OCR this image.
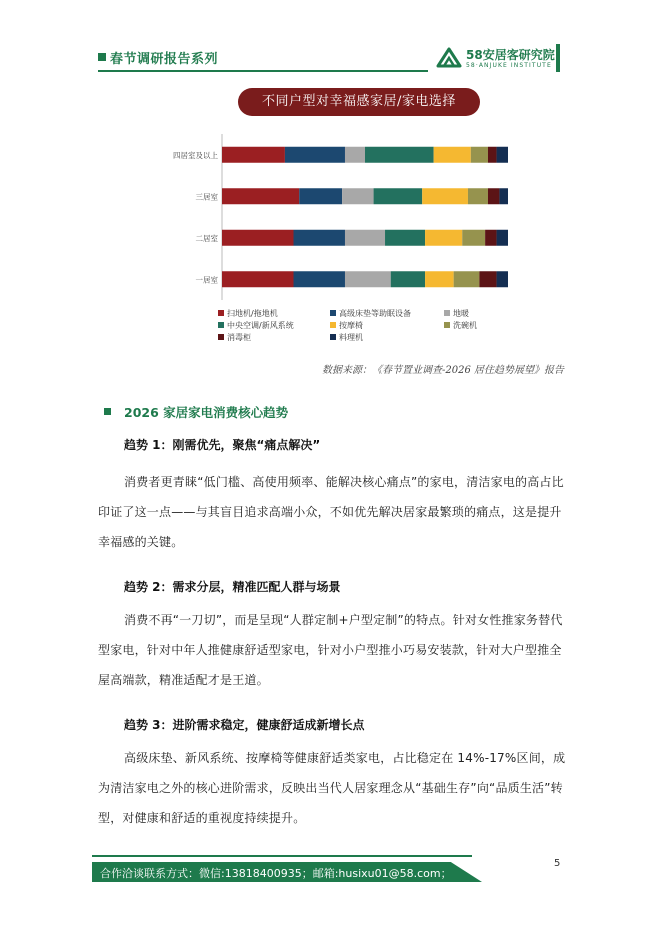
春节调研报告系列	58安居客研究院
58·ANJUKE INSTITUTE
不同户型对幸福感家居/家电选择
四居室及以上
三居室
二居室
一居室
扫地机/拖地机	高级床垫等助眠设备	地暖
中央空调/新风系统	按摩椅	洗碗机
消毒柜	料理机
数据来源：《春节置业调查-2026 居住趋势展望》报告
2026 家居家电消费核心趋势
趋势 1：刚需优先，聚焦“痛点解决”
消费者更青睐“低门槛、高使用频率、能解决核心痛点”的家电，清洁家电的高占比印证了这一点——与其盲目追求高端小众，不如优先解决居家最繁琐的痛点，这是提升幸福感的关键。
趋势 2：需求分层，精准匹配人群与场景
消费不再“一刀切”，而是呈现“人群定制+户型定制”的特点。针对女性推家务替代型家电，针对中年人推健康舒适型家电，针对小户型推小巧易安装款，针对大户型推全屋高端款，精准适配才是王道。
趋势 3：进阶需求稳定，健康舒适成新增长点
高级床垫、新风系统、按摩椅等健康舒适类家电，占比稳定在 14%-17%区间，成为清洁家电之外的核心进阶需求，反映出当代人居家理念从“基础生存”向“品质生活”转型，对健康和舒适的重视度持续提升。
合作洽谈联系方式：微信:13818400935；邮箱:husixu01@58.com；
5
